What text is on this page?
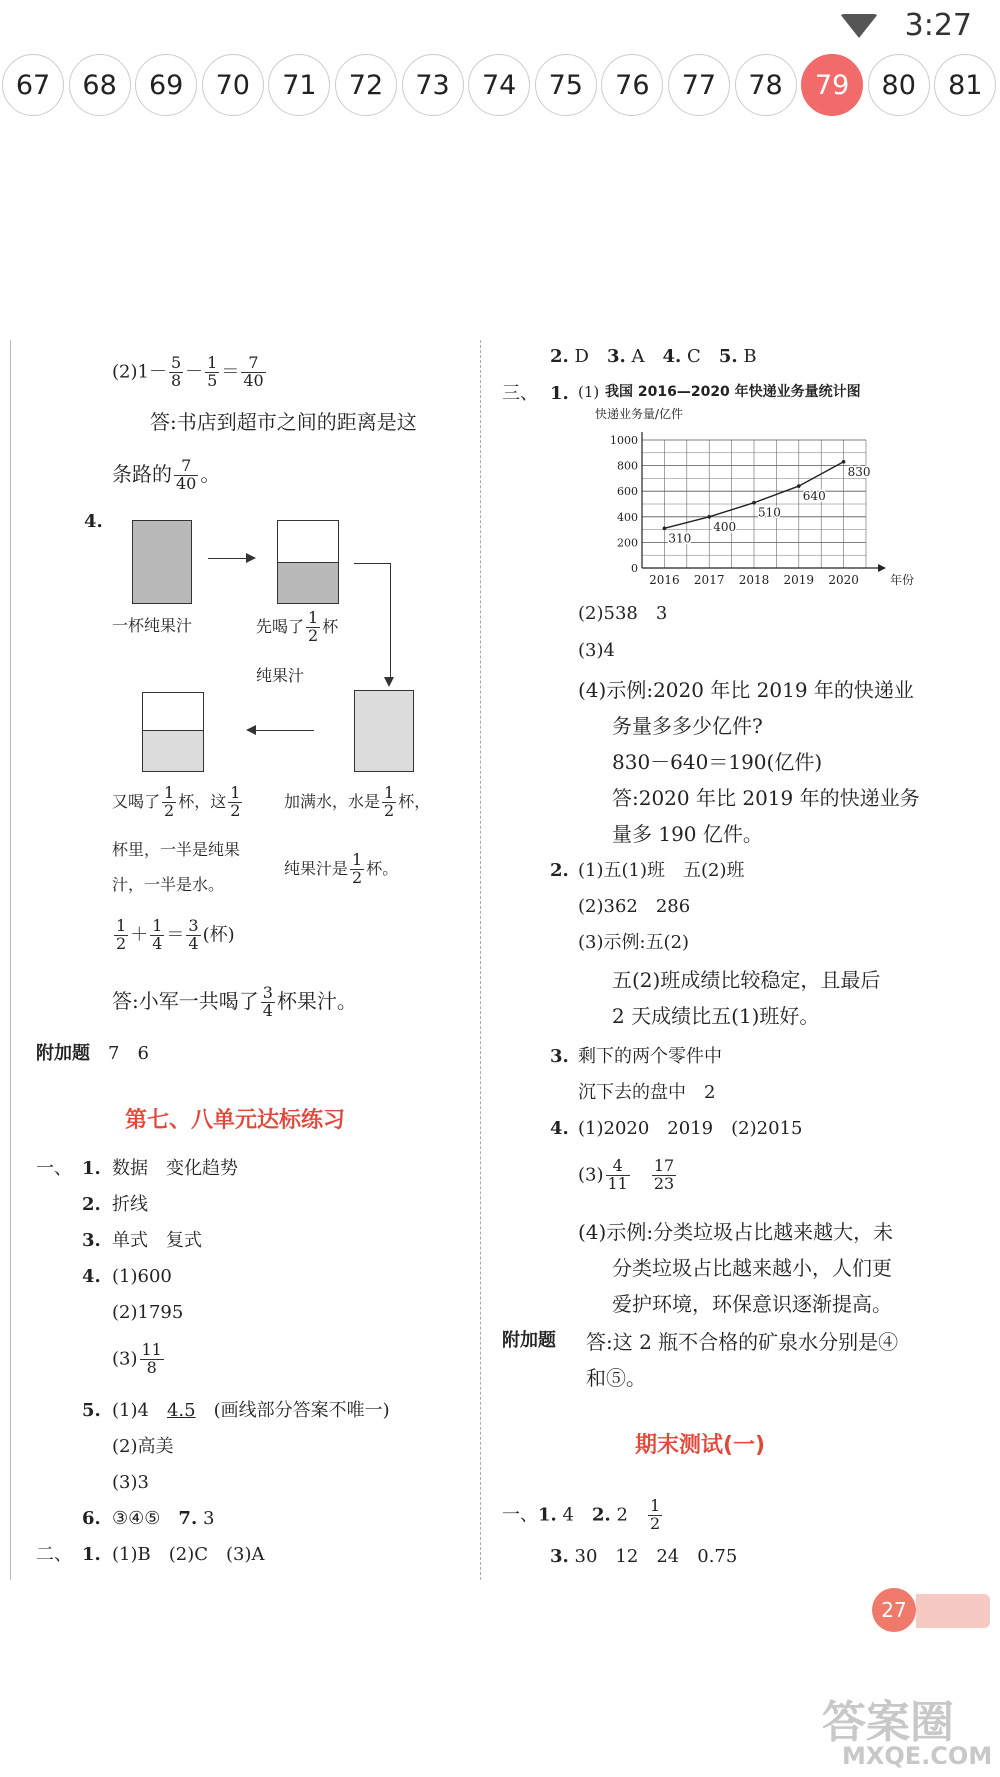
3:27
67	68	69	70	71	72	73	74	75	76	77	78	79	80	81
$(2)1- \frac{5}{8} - \frac{1}{5} = \frac{7}{40}$
答:书店到超市之间的距离是这
条路的 $\frac{7}{40}$ 。
4.
一杯纯果汁	先喝了 $\frac{1}{2}$ 杯
纯果汁
又喝了 $\frac{1}{2}$ 杯，这 $\frac{1}{2}$
杯里，一半是纯果
汁，一半是水。
加满水，水是 $\frac{1}{2}$ 杯，
纯果汁是 $\frac{1}{2}$ 杯。
$\frac{1}{2} + \frac{1}{4} = \frac{3}{4}$ (杯)
答:小军一共喝了 $\frac{3}{4}$ 杯果汁。
附加题　 7　6
第七、八单元达标练习
一、 1. 数据　变化趋势
2. 折线
3. 单式　复式
4. (1)600
(2)1795
$(3) \frac{11}{8}$
5. (1)4　 4.5　 (画线部分答案不唯一)
(2)高美
(3)3
6. ③④⑤　 7. 3
二、 1. (1)B　(2)C　(3)A
2. D　 3. A　 4. C　 5. B
三、 1. (1) 我国 2016—2020 年快递业务量统计图
快递业务量/亿件
0
200
400
600
800
1000
2016 2017 2018 2019 2020	年份
310
400
510
640
830
(2)538　3
(3)4
(4)示例:2020 年比 2019 年的快递业
务量多多少亿件?
830－640＝190(亿件)
答:2020 年比 2019 年的快递业务
量多 190 亿件。
2. (1)五(1)班　五(2)班
(2)362　286
(3)示例:五(2)
五(2)班成绩比较稳定，且最后
2 天成绩比五(1)班好。
3. 剩下的两个零件中
沉下去的盘中　2
4. (1)2020　2019　(2)2015
$(3) \frac{4}{11}$
　 $\frac{17}{23}$
(4)示例:分类垃圾占比越来越大，未
分类垃圾占比越来越小，人们更
爱护环境，环保意识逐渐提高。
附加题 答:这 2 瓶不合格的矿泉水分别是④
和⑤。
期末测试(一)
一、1. 4　 2. 2　 $\frac{1}{2}$
3. 30　12　24　0.75
27
答案圈
MXQE.COM
